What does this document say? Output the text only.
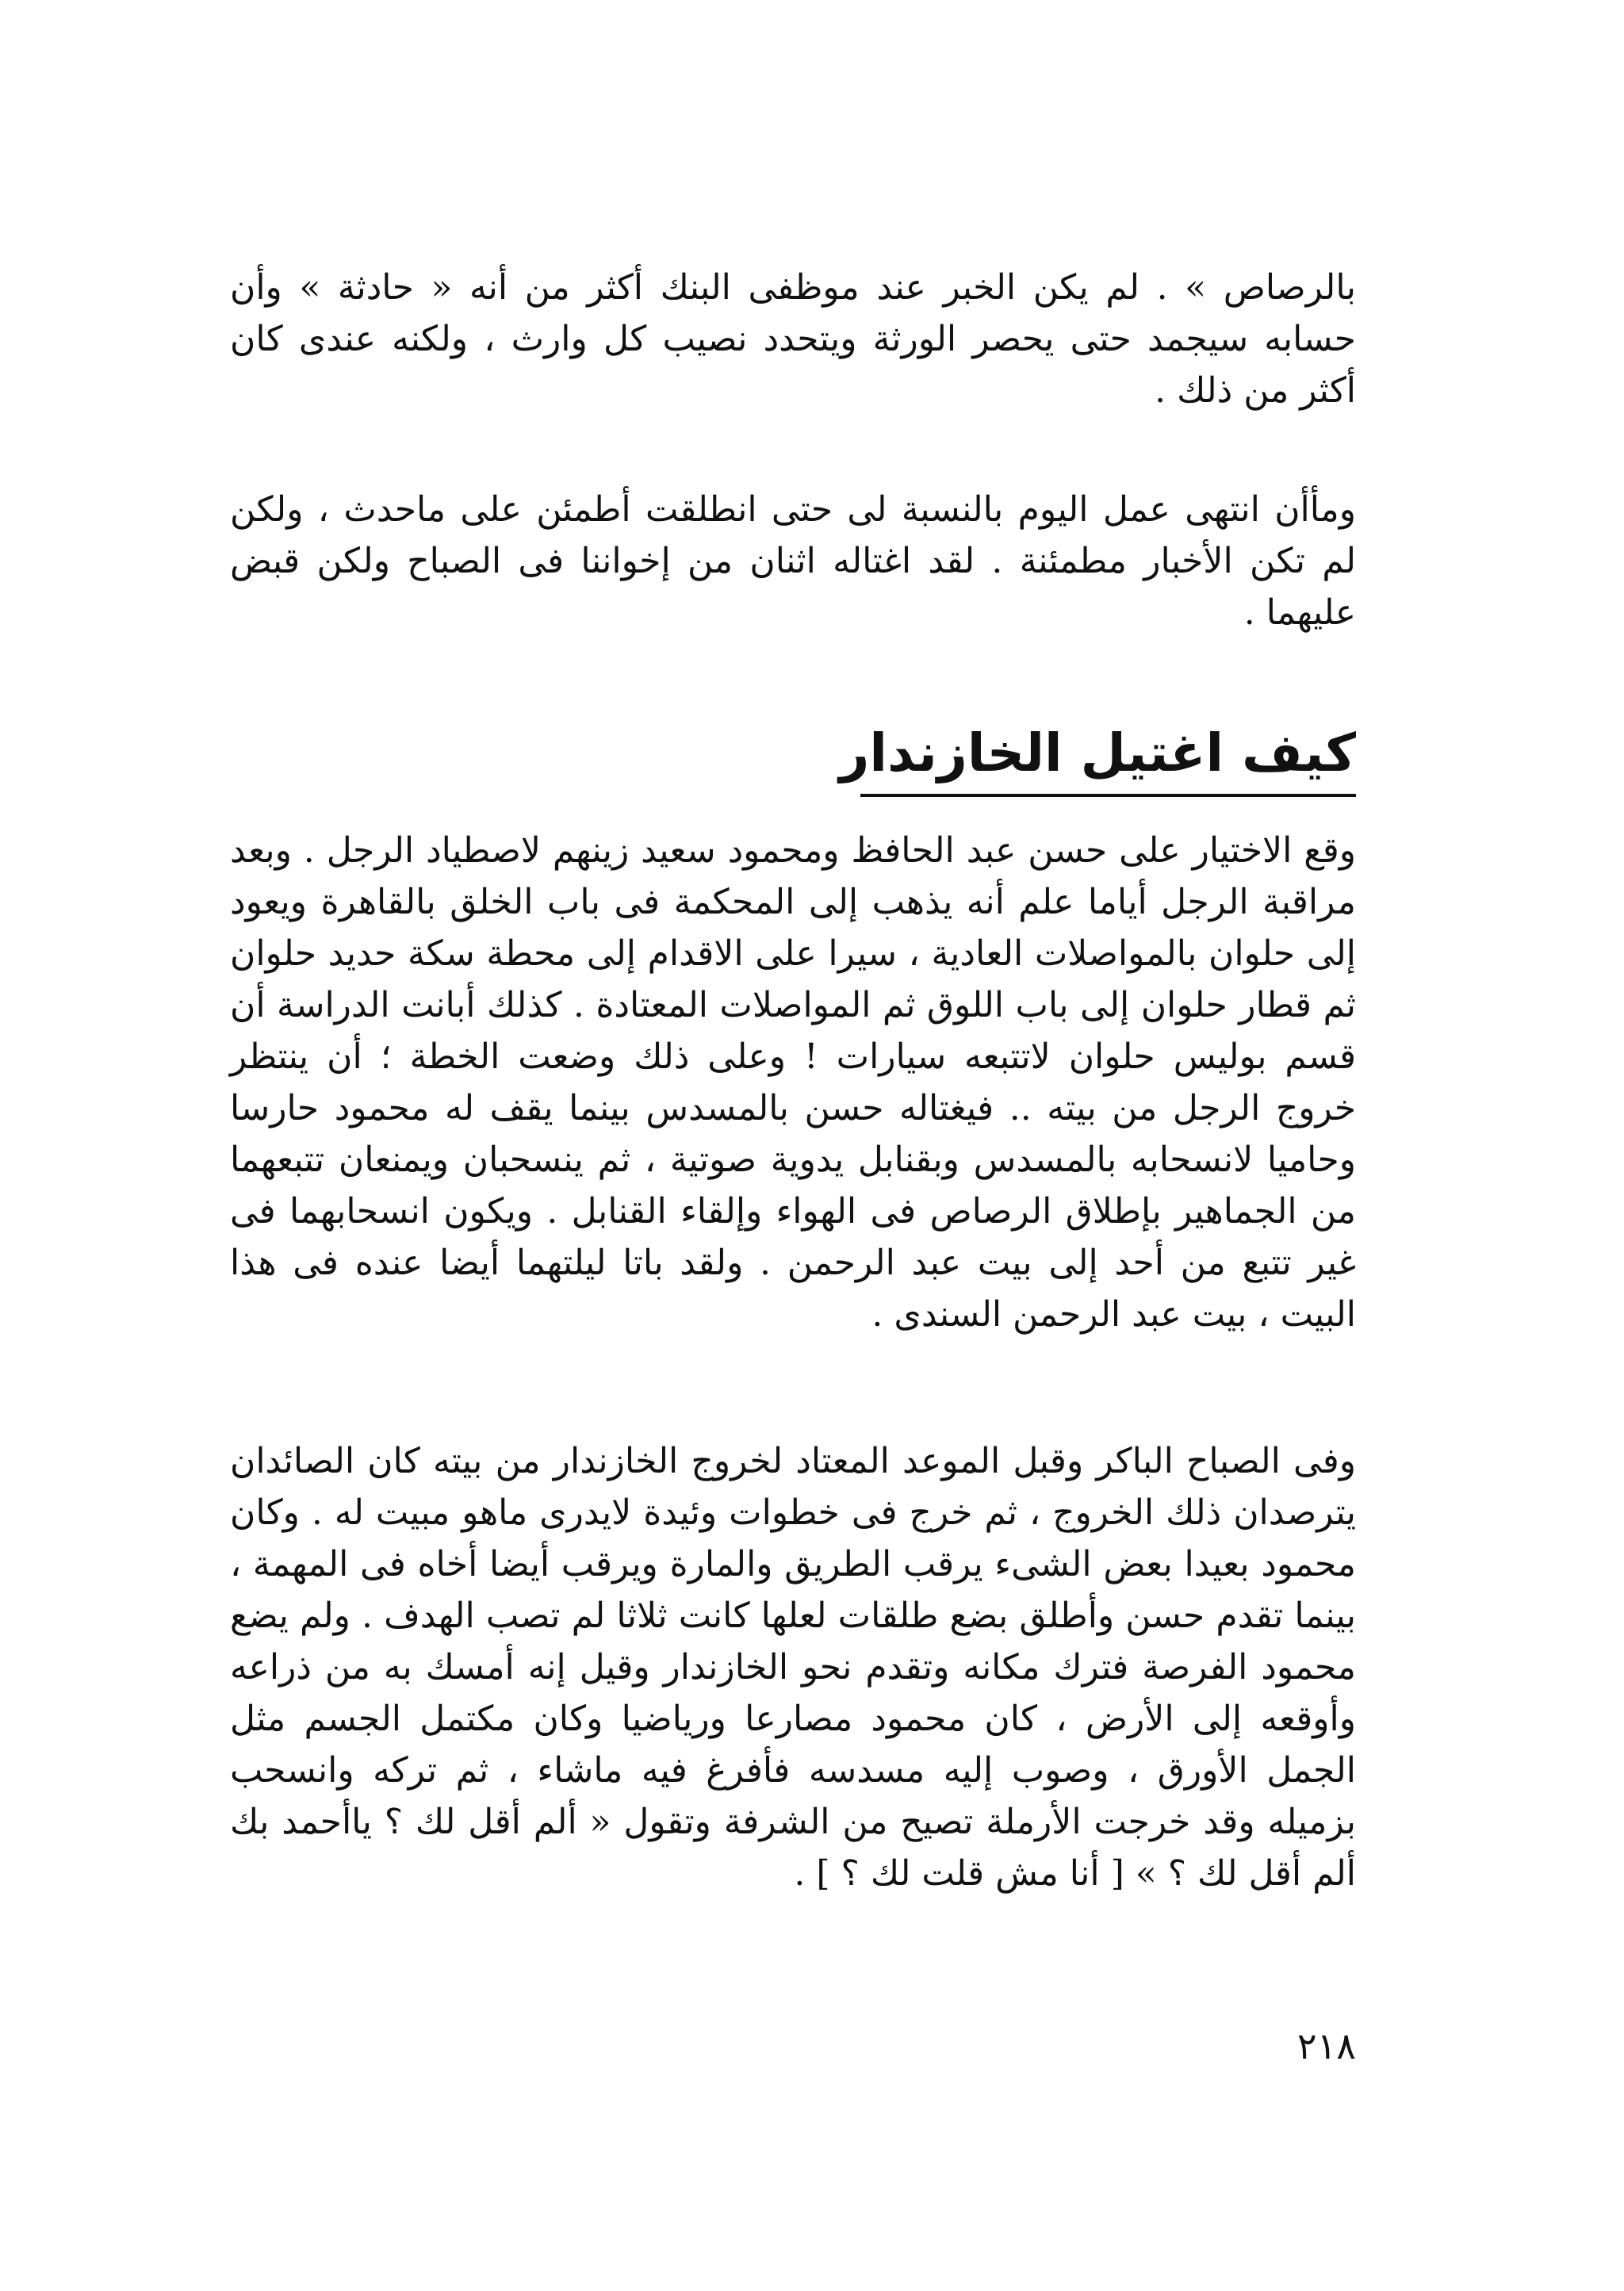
بالرصاص » . لم يكن الخبر عند موظفى البنك أكثر من أنه « حادثة » وأن حسابه سيجمد حتى يحصر الورثة ويتحدد نصيب كل وارث ، ولكنه عندى كان أكثر من ذلك .

ومأأن انتهى عمل اليوم بالنسبة لى حتى انطلقت أطمئن على ماحدث ، ولكن لم تكن الأخبار مطمئنة . لقد اغتاله اثنان من إخواننا فى الصباح ولكن قبض عليهما .

كيف اغتيل الخازندار

وقع الاختيار على حسن عبد الحافظ ومحمود سعيد زينهم لاصطياد الرجل . وبعد مراقبة الرجل أياما علم أنه يذهب إلى المحكمة فى باب الخلق بالقاهرة ويعود إلى حلوان بالمواصلات العادية ، سيرا على الاقدام إلى محطة سكة حديد حلوان ثم قطار حلوان إلى باب اللوق ثم المواصلات المعتادة . كذلك أبانت الدراسة أن قسم بوليس حلوان لاتتبعه سيارات ! وعلى ذلك وضعت الخطة ؛ أن ينتظر خروج الرجل من بيته .. فيغتاله حسن بالمسدس بينما يقف له محمود حارسا وحاميا لانسحابه بالمسدس وبقنابل يدوية صوتية ، ثم ينسحبان ويمنعان تتبعهما من الجماهير بإطلاق الرصاص فى الهواء وإلقاء القنابل . ويكون انسحابهما فى غير تتبع من أحد إلى بيت عبد الرحمن . ولقد باتا ليلتهما أيضا عنده فى هذا البيت ، بيت عبد الرحمن السندى .

وفى الصباح الباكر وقبل الموعد المعتاد لخروج الخازندار من بيته كان الصائدان يترصدان ذلك الخروج ، ثم خرج فى خطوات وئيدة لايدرى ماهو مبيت له . وكان محمود بعيدا بعض الشىء يرقب الطريق والمارة ويرقب أيضا أخاه فى المهمة ، بينما تقدم حسن وأطلق بضع طلقات لعلها كانت ثلاثا لم تصب الهدف . ولم يضع محمود الفرصة فترك مكانه وتقدم نحو الخازندار وقيل إنه أمسك به من ذراعه وأوقعه إلى الأرض ، كان محمود مصارعا ورياضيا وكان مكتمل الجسم مثل الجمل الأورق ، وصوب إليه مسدسه فأفرغ فيه ماشاء ، ثم تركه وانسحب بزميله وقد خرجت الأرملة تصيح من الشرفة وتقول « ألم أقل لك ؟ ياأحمد بك ألم أقل لك ؟ » [ أنا مش قلت لك ؟ ] .

٢١٨
